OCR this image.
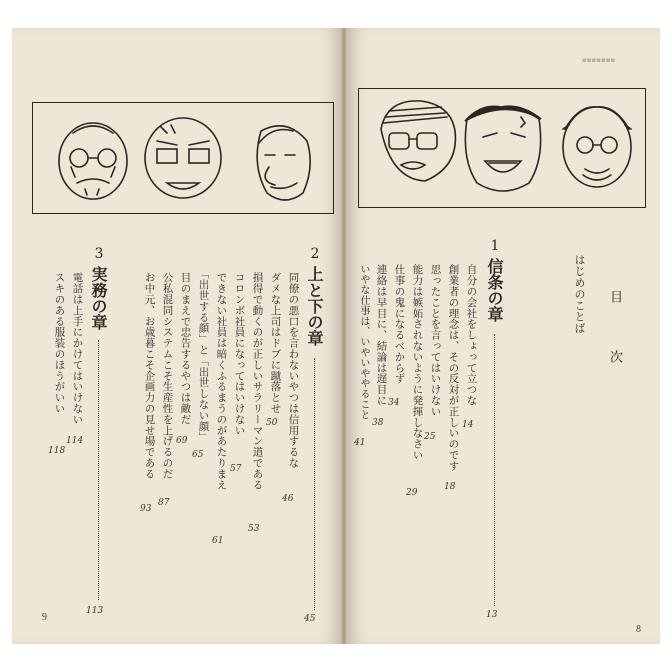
3
実務の章
113
電話は上手にかけてはいけない
114
スキのある服装のほうがいい
118
2
上と下の章
45
同僚の悪口を言わないやつは信用するな
46
ダメな上司はドブに蹴落とせ
50
損得で動くのが正しいサラリーマン道である
53
コロンボ社員になってはいけない
57
できない社員は暗くふるまうのがあたりまえ
61
「出世する顔」と「出世しない顔」
65
目のまえで忠告するやつは敵だ
69
公私混同システムこそ生産性を上げるのだ
87
お中元、お歳暮こそ企画力の見せ場である
93
9
▪▪▪▪▪▪▪
目 次
はじめのことば
1
信条の章
13
自分の会社をしょって立つな
14
創業者の理念は、その反対が正しいのです
18
思ったことを言ってはいけない
25
能力は嫉妬されないように発揮しなさい
29
仕事の鬼になるべからず
34
連絡は早目に、結論は遅目に
38
いやな仕事は、いやいややること
41
8
